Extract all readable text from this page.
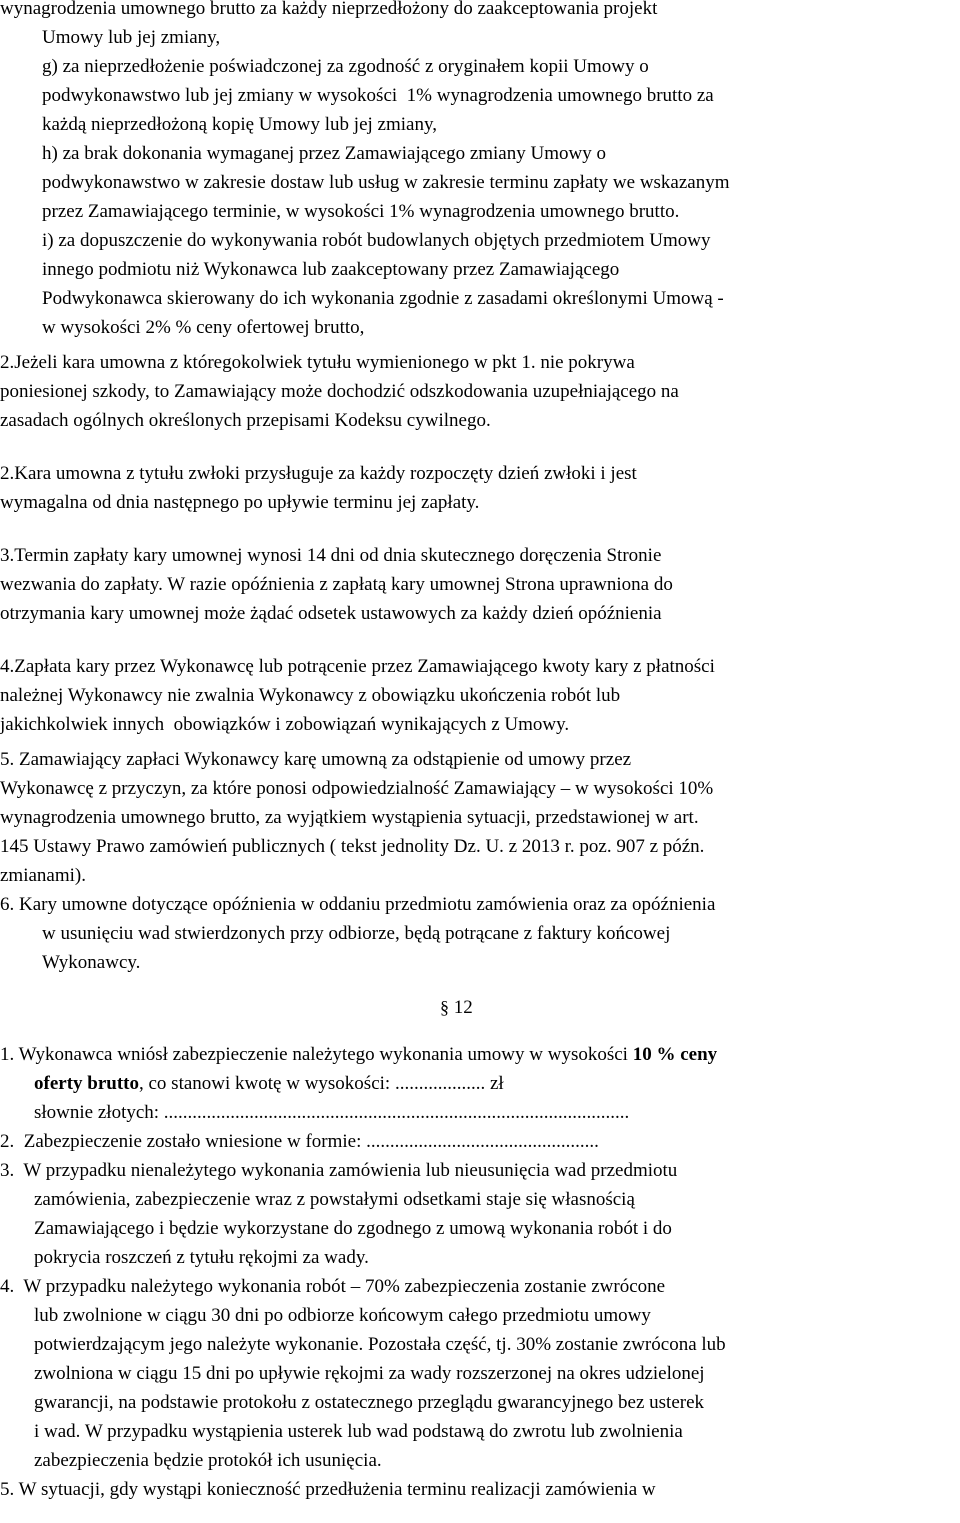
wynagrodzenia umownego brutto za każdy nieprzedłożony do zaakceptowania projekt
Umowy lub jej zmiany,
g) za nieprzedłożenie poświadczonej za zgodność z oryginałem kopii Umowy o
podwykonawstwo lub jej zmiany w wysokości  1% wynagrodzenia umownego brutto za
każdą nieprzedłożoną kopię Umowy lub jej zmiany,
h) za brak dokonania wymaganej przez Zamawiającego zmiany Umowy o
podwykonawstwo w zakresie dostaw lub usług w zakresie terminu zapłaty we wskazanym
przez Zamawiającego terminie, w wysokości 1% wynagrodzenia umownego brutto.
i) za dopuszczenie do wykonywania robót budowlanych objętych przedmiotem Umowy
innego podmiotu niż Wykonawca lub zaakceptowany przez Zamawiającego
Podwykonawca skierowany do ich wykonania zgodnie z zasadami określonymi Umową -
w wysokości 2% % ceny ofertowej brutto,
2.Jeżeli kara umowna z któregokolwiek tytułu wymienionego w pkt 1. nie pokrywa
poniesionej szkody, to Zamawiający może dochodzić odszkodowania uzupełniającego na
zasadach ogólnych określonych przepisami Kodeksu cywilnego.
2.Kara umowna z tytułu zwłoki przysługuje za każdy rozpoczęty dzień zwłoki i jest
wymagalna od dnia następnego po upływie terminu jej zapłaty.
3.Termin zapłaty kary umownej wynosi 14 dni od dnia skutecznego doręczenia Stronie
wezwania do zapłaty. W razie opóźnienia z zapłatą kary umownej Strona uprawniona do
otrzymania kary umownej może żądać odsetek ustawowych za każdy dzień opóźnienia
4.Zapłata kary przez Wykonawcę lub potrącenie przez Zamawiającego kwoty kary z płatności
należnej Wykonawcy nie zwalnia Wykonawcy z obowiązku ukończenia robót lub
jakichkolwiek innych  obowiązków i zobowiązań wynikających z Umowy.
5. Zamawiający zapłaci Wykonawcy karę umowną za odstąpienie od umowy przez
Wykonawcę z przyczyn, za które ponosi odpowiedzialność Zamawiający – w wysokości 10%
wynagrodzenia umownego brutto, za wyjątkiem wystąpienia sytuacji, przedstawionej w art.
145 Ustawy Prawo zamówień publicznych ( tekst jednolity Dz. U. z 2013 r. poz. 907 z późn.
zmianami).
6. Kary umowne dotyczące opóźnienia w oddaniu przedmiotu zamówienia oraz za opóźnienia
w usunięciu wad stwierdzonych przy odbiorze, będą potrącane z faktury końcowej
Wykonawcy.
§ 12
1. Wykonawca wniósł zabezpieczenie należytego wykonania umowy w wysokości 10 % ceny
oferty brutto, co stanowi kwotę w wysokości: ................... zł
słownie złotych: ..................................................................................................
2.  Zabezpieczenie zostało wniesione w formie: .................................................
3.  W przypadku nienależytego wykonania zamówienia lub nieusunięcia wad przedmiotu
zamówienia, zabezpieczenie wraz z powstałymi odsetkami staje się własnością
Zamawiającego i będzie wykorzystane do zgodnego z umową wykonania robót i do
pokrycia roszczeń z tytułu rękojmi za wady.
4.  W przypadku należytego wykonania robót – 70% zabezpieczenia zostanie zwrócone
lub zwolnione w ciągu 30 dni po odbiorze końcowym całego przedmiotu umowy
potwierdzającym jego należyte wykonanie. Pozostała część, tj. 30% zostanie zwrócona lub
zwolniona w ciągu 15 dni po upływie rękojmi za wady rozszerzonej na okres udzielonej
gwarancji, na podstawie protokołu z ostatecznego przeglądu gwarancyjnego bez usterek
i wad. W przypadku wystąpienia usterek lub wad podstawą do zwrotu lub zwolnienia
zabezpieczenia będzie protokół ich usunięcia.
5. W sytuacji, gdy wystąpi konieczność przedłużenia terminu realizacji zamówienia w
